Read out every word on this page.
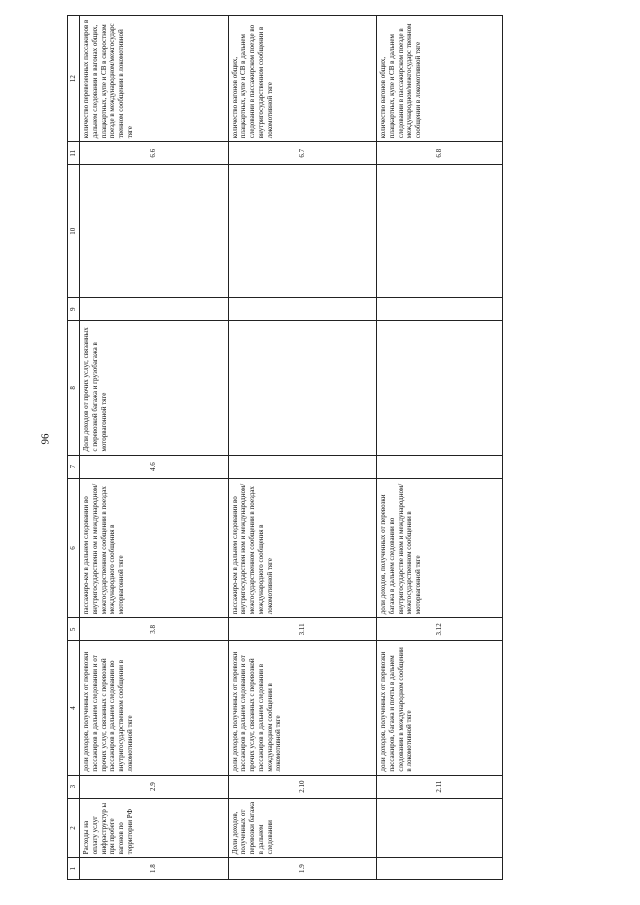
96
1	2	3	4	5	6	7	8	9	10	11	12
1.8	Расходы на оплату услуг инфраструктур ы при пробеге вагонов по территории РФ	2.9	доли доходов, полученных от перевозки пассажиров в дальнем следовании и от прочих услуг, связанных с перевозкой пассажиров в дальнем следовании во внутригосударственном сообщении в локомотивной тяге	3.8	пассажиро-км в дальнем следовании во внутригосударственн ом и международном/ межгосударственном сообщении в поездах международного сообщения в моторвагонной тяге	4.6	Доли доходов от прочих услуг, связанных с перевозкой багажа и грузобагажа в моторвагонной тяге			6.6	количество перевезенных пассажиров в дальнем следовании в вагонах общих, плацкартных, купе и СВ в скоростном поезде в международном/межгосударс твенном сообщении в локомотивной тяге
1.9	Доли доходов, полученных от перевозки багажа в дальнем следовании	2.10	доли доходов, полученных от перевозки пассажиров в дальнем следовании и от прочих услуг, связанных с перевозкой пассажиров в дальнем следовании в международном сообщении в локомотивной тяге	3.11	пассажиро-км в дальнем следовании во внутригосударствен ном и международном/ межгосударственном сообщении в поездах международного сообщения в локомотивной тяге					6.7	количество вагонов общих, плацкартных, купе и СВ в дальнем следовании в пассажирском поезде во внутригосударственном сообщении в локомотивной тяге
		2.11	доли доходов, полученных от перевозки пассажиров, багажа и почты в дальнем следовании в международном сообщении в локомотивной тяге	3.12	доли доходов, полученных от перевозки багажа в дальнем следовании во внутригосударстве нном и международном/ межгосударственном сообщении в моторвагонной тяге					6.8	количество вагонов общих, плацкартных, купе и СВ в дальнем следовании в пассажирском поезде в международном/межгосударс твенном сообщении в локомотивной тяге
